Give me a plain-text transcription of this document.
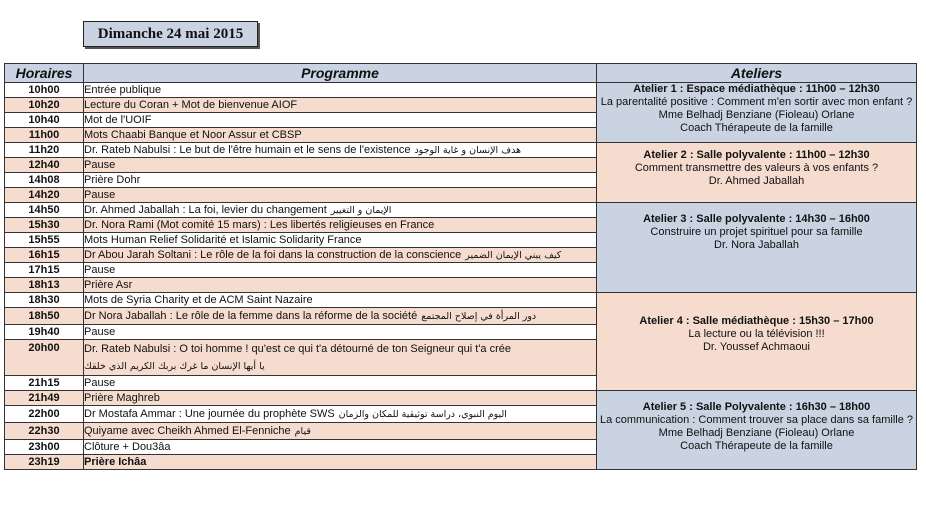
Dimanche 24 mai 2015
Horaires	Programme	Ateliers
10h00	Entrée publique	Atelier 1 : Espace médiathèque : 11h00 – 12h30
La parentalité positive : Comment m'en sortir avec mon enfant ?
Mme Belhadj Benziane (Fioleau) Orlane
Coach Thérapeute de la famille

10h20	Lecture du Coran + Mot de bienvenue AIOF	
10h40	Mot de l'UOIF	
11h00	Mots Chaabi Banque et Noor Assur et CBSP	
11h20	Dr. Rateb Nabulsi : Le but de l'être humain et le sens de l'existence هدف الإنسان و غاية الوجود	Atelier 2 : Salle polyvalente : 11h00 – 12h30
Comment transmettre des valeurs à vos enfants ?
Dr. Ahmed Jaballah

12h40	Pause	
14h08	Prière Dohr	
14h20	Pause	
14h50	Dr. Ahmed Jaballah : La foi, levier du changement الإيمان و التغيير	Atelier 3 : Salle polyvalente : 14h30 – 16h00
Construire un projet spirituel pour sa famille
Dr. Nora Jaballah

15h30	Dr. Nora Rami (Mot comité 15 mars) : Les libertés religieuses en France	
15h55	Mots Human Relief Solidarité et Islamic Solidarity France	
16h15	Dr Abou Jarah Soltani : Le rôle de la foi dans la construction de la conscience كيف يبني الإيمان الضمير	
17h15	Pause	
18h13	Prière Asr	
18h30	Mots de Syria Charity et de ACM Saint Nazaire	Atelier 4 : Salle médiathèque : 15h30 – 17h00
La lecture ou la télévision !!!
Dr. Youssef Achmaoui

18h50	Dr Nora Jaballah : Le rôle de la femme dans la réforme de la société دور المرأة في إصلاح المجتمع	
19h40	Pause	
20h00	Dr. Rateb Nabulsi : O toi homme ! qu'est ce qui t'a détourné de ton Seigneur qui t'a crée
يا أيها الإنسان ما غرك بربك الكريم الذي خلقك	

21h15	Pause	
21h49	Prière Maghreb	Atelier 5 : Salle Polyvalente : 16h30 – 18h00
La communication : Comment trouver sa place dans sa famille ?
Mme Belhadj Benziane (Fioleau) Orlane
Coach Thérapeute de la famille

22h00	Dr Mostafa Ammar : Une journée du prophète SWS اليوم النبوي، دراسة توثيقية للمكان والزمان	
22h30	Quiyame avec Cheikh Ahmed El-Fenniche قيام	
23h00	Clôture + Dou3âa	
23h19	Prière Ichâa	
